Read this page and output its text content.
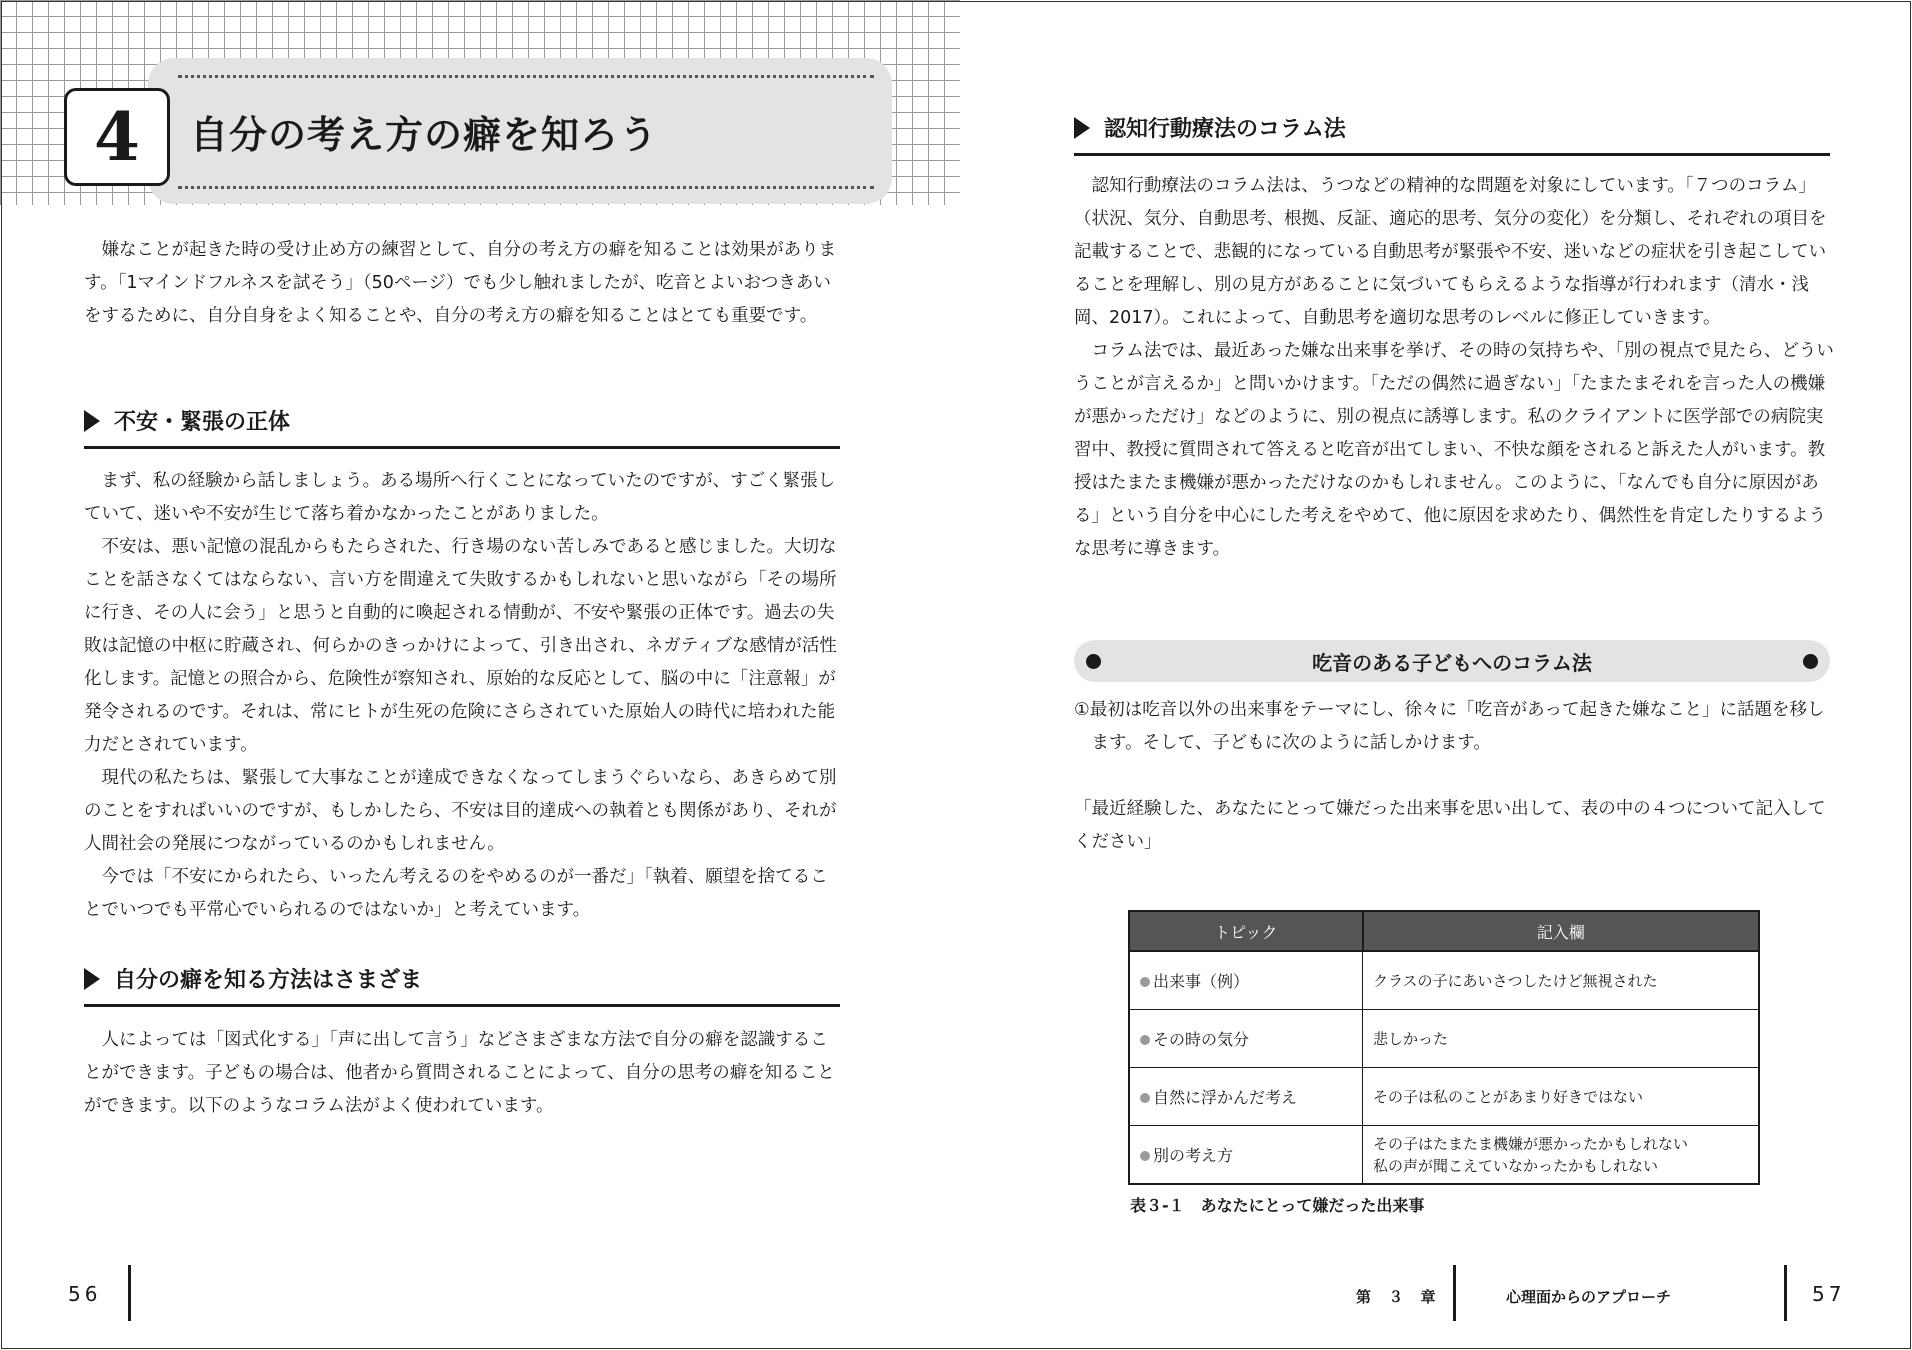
4	自分の考え方の癖を知ろう

嫌なことが起きた時の受け止め方の練習として、自分の考え方の癖を知ることは効果があります。「1マインドフルネスを試そう」（50ページ）でも少し触れましたが、吃音とよいおつきあいをするために、自分自身をよく知ることや、自分の考え方の癖を知ることはとても重要です。

不安・緊張の正体

まず、私の経験から話しましょう。ある場所へ行くことになっていたのですが、すごく緊張していて、迷いや不安が生じて落ち着かなかったことがありました。

不安は、悪い記憶の混乱からもたらされた、行き場のない苦しみであると感じました。大切なことを話さなくてはならない、言い方を間違えて失敗するかもしれないと思いながら「その場所に行き、その人に会う」と思うと自動的に喚起される情動が、不安や緊張の正体です。過去の失敗は記憶の中枢に貯蔵され、何らかのきっかけによって、引き出され、ネガティブな感情が活性化します。記憶との照合から、危険性が察知され、原始的な反応として、脳の中に「注意報」が発令されるのです。それは、常にヒトが生死の危険にさらされていた原始人の時代に培われた能力だとされています。

現代の私たちは、緊張して大事なことが達成できなくなってしまうぐらいなら、あきらめて別のことをすればいいのですが、もしかしたら、不安は目的達成への執着とも関係があり、それが人間社会の発展につながっているのかもしれません。

今では「不安にかられたら、いったん考えるのをやめるのが一番だ」「執着、願望を捨てることでいつでも平常心でいられるのではないか」と考えています。

自分の癖を知る方法はさまざま

人によっては「図式化する」「声に出して言う」などさまざまな方法で自分の癖を認識することができます。子どもの場合は、他者から質問されることによって、自分の思考の癖を知ることができます。以下のようなコラム法がよく使われています。

56

認知行動療法のコラム法

認知行動療法のコラム法は、うつなどの精神的な問題を対象にしています。「７つのコラム」（状況、気分、自動思考、根拠、反証、適応的思考、気分の変化）を分類し、それぞれの項目を記載することで、悲観的になっている自動思考が緊張や不安、迷いなどの症状を引き起こしていることを理解し、別の見方があることに気づいてもらえるような指導が行われます（清水・浅岡、2017）。これによって、自動思考を適切な思考のレベルに修正していきます。

コラム法では、最近あった嫌な出来事を挙げ、その時の気持ちや、「別の視点で見たら、どういうことが言えるか」と問いかけます。「ただの偶然に過ぎない」「たまたまそれを言った人の機嫌が悪かっただけ」などのように、別の視点に誘導します。私のクライアントに医学部での病院実習中、教授に質問されて答えると吃音が出てしまい、不快な顔をされると訴えた人がいます。教授はたまたま機嫌が悪かっただけなのかもしれません。このように、「なんでも自分に原因がある」という自分を中心にした考えをやめて、他に原因を求めたり、偶然性を肯定したりするような思考に導きます。

吃音のある子どもへのコラム法

①最初は吃音以外の出来事をテーマにし、徐々に「吃音があって起きた嫌なこと」に話題を移します。そして、子どもに次のように話しかけます。

「最近経験した、あなたにとって嫌だった出来事を思い出して、表の中の４つについて記入してください」

トピック	記入欄
出来事（例）	クラスの子にあいさつしたけど無視された
その時の気分	悲しかった
自然に浮かんだ考え	その子は私のことがあまり好きではない
別の考え方	その子はたまたま機嫌が悪かったかもしれない
私の声が聞こえていなかったかもしれない

表３-１　あなたにとって嫌だった出来事

第 ３ 章	心理面からのアプローチ	57
